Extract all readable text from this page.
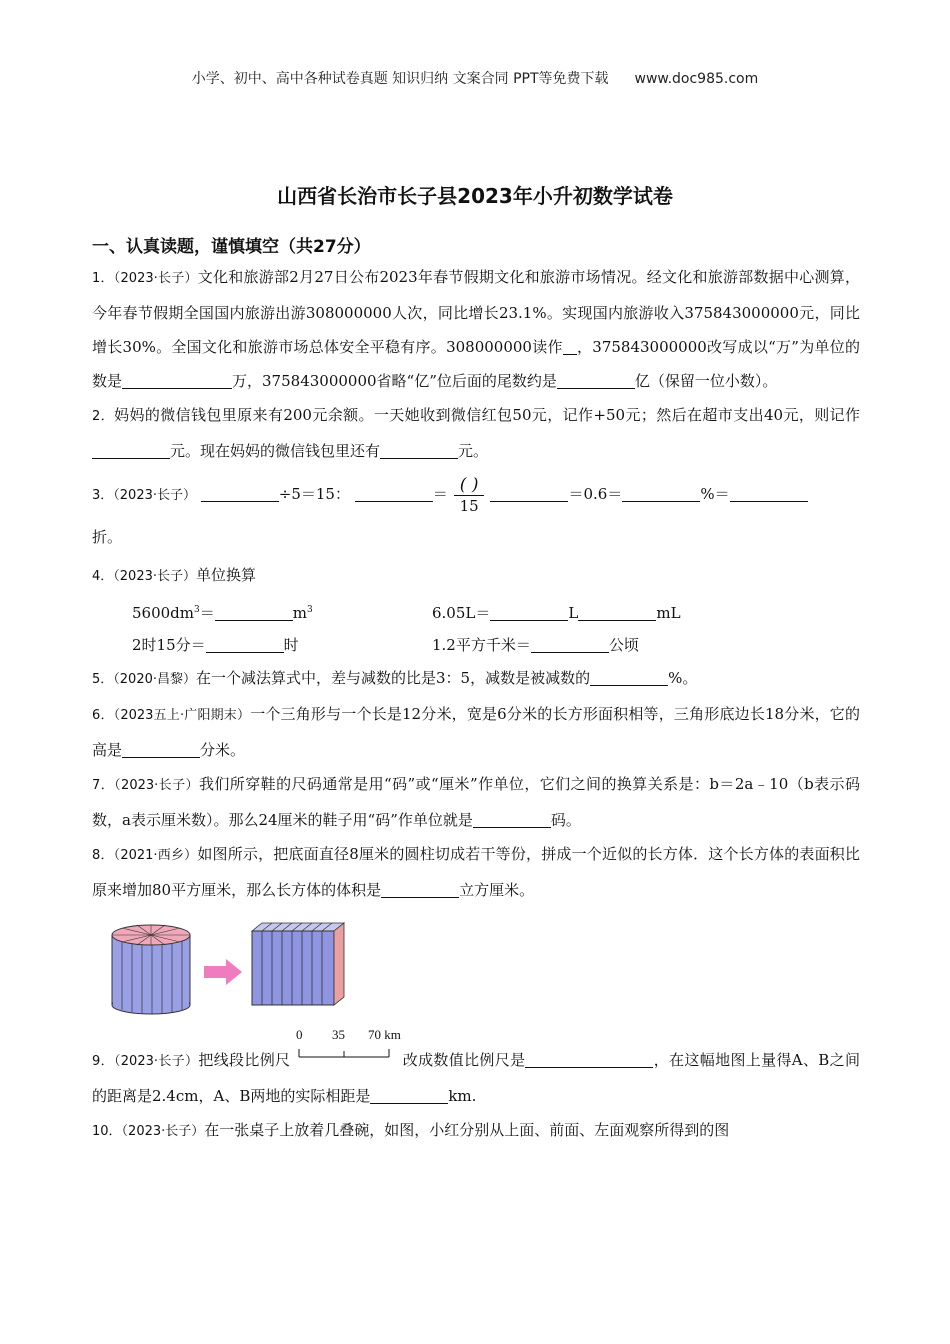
小学、初中、高中各种试卷真题 知识归纳 文案合同 PPT等免费下载 www.doc985.com
山西省长治市长子县2023年小升初数学试卷
一、认真读题，谨慎填空（共27分）
1．（2023·长子）文化和旅游部2月27日公布2023年春节假期文化和旅游市场情况。经文化和旅游部数据中心测算，今年春节假期全国国内旅游出游308000000人次，同比增长23.1%。实现国内旅游收入375843000000元，同比增长30%。全国文化和旅游市场总体安全平稳有序。308000000读作 ，375843000000改写成以“万”为单位的数是	万，375843000000省略“亿”位后面的尾数约是	亿（保留一位小数）。
2．妈妈的微信钱包里原来有200元余额。一天她收到微信红包50元，记作+50元；然后在超市支出40元，则记作元。现在妈妈的微信钱包里还有	元。
3．（2023·长子）	÷5＝15：	＝ $\frac{( )}{15}$	＝0.6＝	%＝
折。
4．（2023·长子）单位换算
$5600dm^3=$	$m^3$	6.05L＝	L	mL
2时15分＝	时	1.2平方千米＝	公顷
5．（2020·昌黎）在一个减法算式中，差与减数的比是3：5，减数是被减数的	%。
6．（2023五上·广阳期末）一个三角形与一个长是12分米，宽是6分米的长方形面积相等，三角形底边长18分米，它的高是	分米。
7．（2023·长子）我们所穿鞋的尺码通常是用“码”或“厘米”作单位，它们之间的换算关系是：b＝2a﹣10（b表示码数，a表示厘米数）。那么24厘米的鞋子用“码”作单位就是	码。
8．（2021·西乡）如图所示，把底面直径8厘米的圆柱切成若干等份，拼成一个近似的长方体．这个长方体的表面积比原来增加80平方厘米，那么长方体的体积是	立方厘米。
9．（2023·长子）把线段比例尺
0 35 70 km
改成数值比例尺是	，在这幅地图上量得A、B之间的距离是2.4cm，A、B两地的实际相距是	km.
10．（2023·长子）在一张桌子上放着几叠碗，如图，小红分别从上面、前面、左面观察所得到的图
